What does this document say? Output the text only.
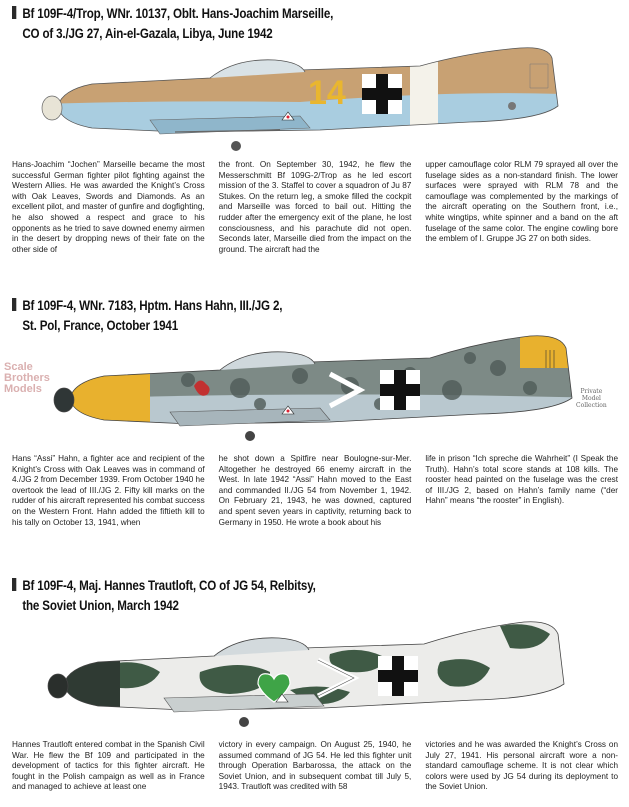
Bf 109F-4/Trop, WNr. 10137, Oblt. Hans-Joachim Marseille,
CO of 3./JG 27, Ain-el-Gazala, Libya, June 1942
14

Hans-Joachim “Jochen” Marseille became the most successful German fighter pilot fighting against the Western Allies. He was awarded the Knight’s Cross with Oak Leaves, Swords and Diamonds. As an excellent pilot, and master of gunfire and dogfighting, he also showed a respect and grace to his opponents as he tried to save downed enemy airmen in the desert by dropping news of their fate on the other side of

the front. On September 30, 1942, he flew the Messerschmitt Bf 109G-2/Trop as he led escort mission of the 3. Staffel to cover a squadron of Ju 87 Stukes. On the return leg, a smoke filled the cockpit and Marseille was forced to bail out. Hitting the rudder after the emergency exit of the plane, he lost consciousness, and his parachute did not open. Seconds later, Marseille died from the impact on the ground. The aircraft had the

upper camouflage color RLM 79 sprayed all over the fuselage sides as a non-standard finish. The lower surfaces were sprayed with RLM 78 and the camouflage was complemented by the markings of the aircraft operating on the Southern front, i.e., white wingtips, white spinner and a band on the aft fuselage of the same color. The engine cowling bore the emblem of I. Gruppe JG 27 on both sides.

Bf 109F-4, WNr. 7183, Hptm. Hans Hahn, III./JG 2,
St. Pol, France, October 1941
Scale
Brothers
Models	Private
Model
Collection

Hans “Assi” Hahn, a fighter ace and recipient of the Knight’s Cross with Oak Leaves was in command of 4./JG 2 from December 1939. From October 1940 he overtook the lead of III./JG 2. Fifty kill marks on the rudder of his aircraft represented his combat success on the Western Front. Hahn added the fiftieth kill to his tally on October 13, 1941, when

he shot down a Spitfire near Boulogne-sur-Mer. Altogether he destroyed 66 enemy aircraft in the West. In late 1942 “Assi” Hahn moved to the East and commanded II./JG 54 from November 1, 1942. On February 21, 1943, he was downed, captured and spent seven years in captivity, returning back to Germany in 1950. He wrote a book about his

life in prison “Ich spreche die Wahrheit” (I Speak the Truth). Hahn’s total score stands at 108 kills. The rooster head painted on the fuselage was the crest of III./JG 2, based on Hahn’s family name (“der Hahn” means “the rooster” in English).

Bf 109F-4, Maj. Hannes Trautloft, CO of JG 54, Relbitsy,
the Soviet Union, March 1942

Hannes Trautloft entered combat in the Spanish Civil War. He flew the Bf 109 and participated in the development of tactics for this fighter aircraft. He fought in the Polish campaign as well as in France and managed to achieve at least one

victory in every campaign. On August 25, 1940, he assumed command of JG 54. He led this fighter unit through Operation Barbarossa, the attack on the Soviet Union, and in subsequent combat till July 5, 1943. Trautloft was credited with 58

victories and he was awarded the Knight’s Cross on July 27, 1941. His personal aircraft wore a non-standard camouflage scheme. It is not clear which colors were used by JG 54 during its deployment to the Soviet Union.
